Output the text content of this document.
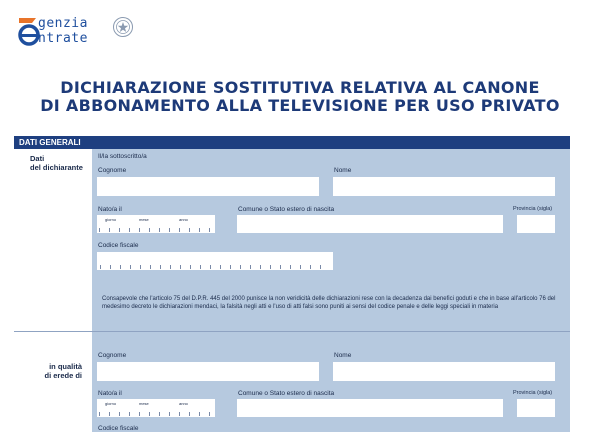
genzia
ntrate
DICHIARAZIONE SOSTITUTIVA RELATIVA AL CANONE
DI ABBONAMENTO ALLA TELEVISIONE PER USO PRIVATO
DATI GENERALI
Dati
del dichiarante
Il/la sottoscritto/a
Cognome	Nome
Nato/a il
giorno	mese	anno
Comune o Stato estero di nascita	Provincia (sigla)
Codice fiscale
Consapevole che l'articolo 75 del D.P.R. 445 del 2000 punisce la non veridicità delle dichiarazioni rese con la decadenza dai benefici goduti e che in base all'articolo 76 del medesimo decreto le dichiarazioni mendaci, la falsità negli atti e l'uso di atti falsi sono puniti ai sensi del codice penale e delle leggi speciali in materia
in qualità
di erede di
Cognome	Nome
Nato/a il
giorno	mese	anno
Comune o Stato estero di nascita	Provincia (sigla)
Codice fiscale
